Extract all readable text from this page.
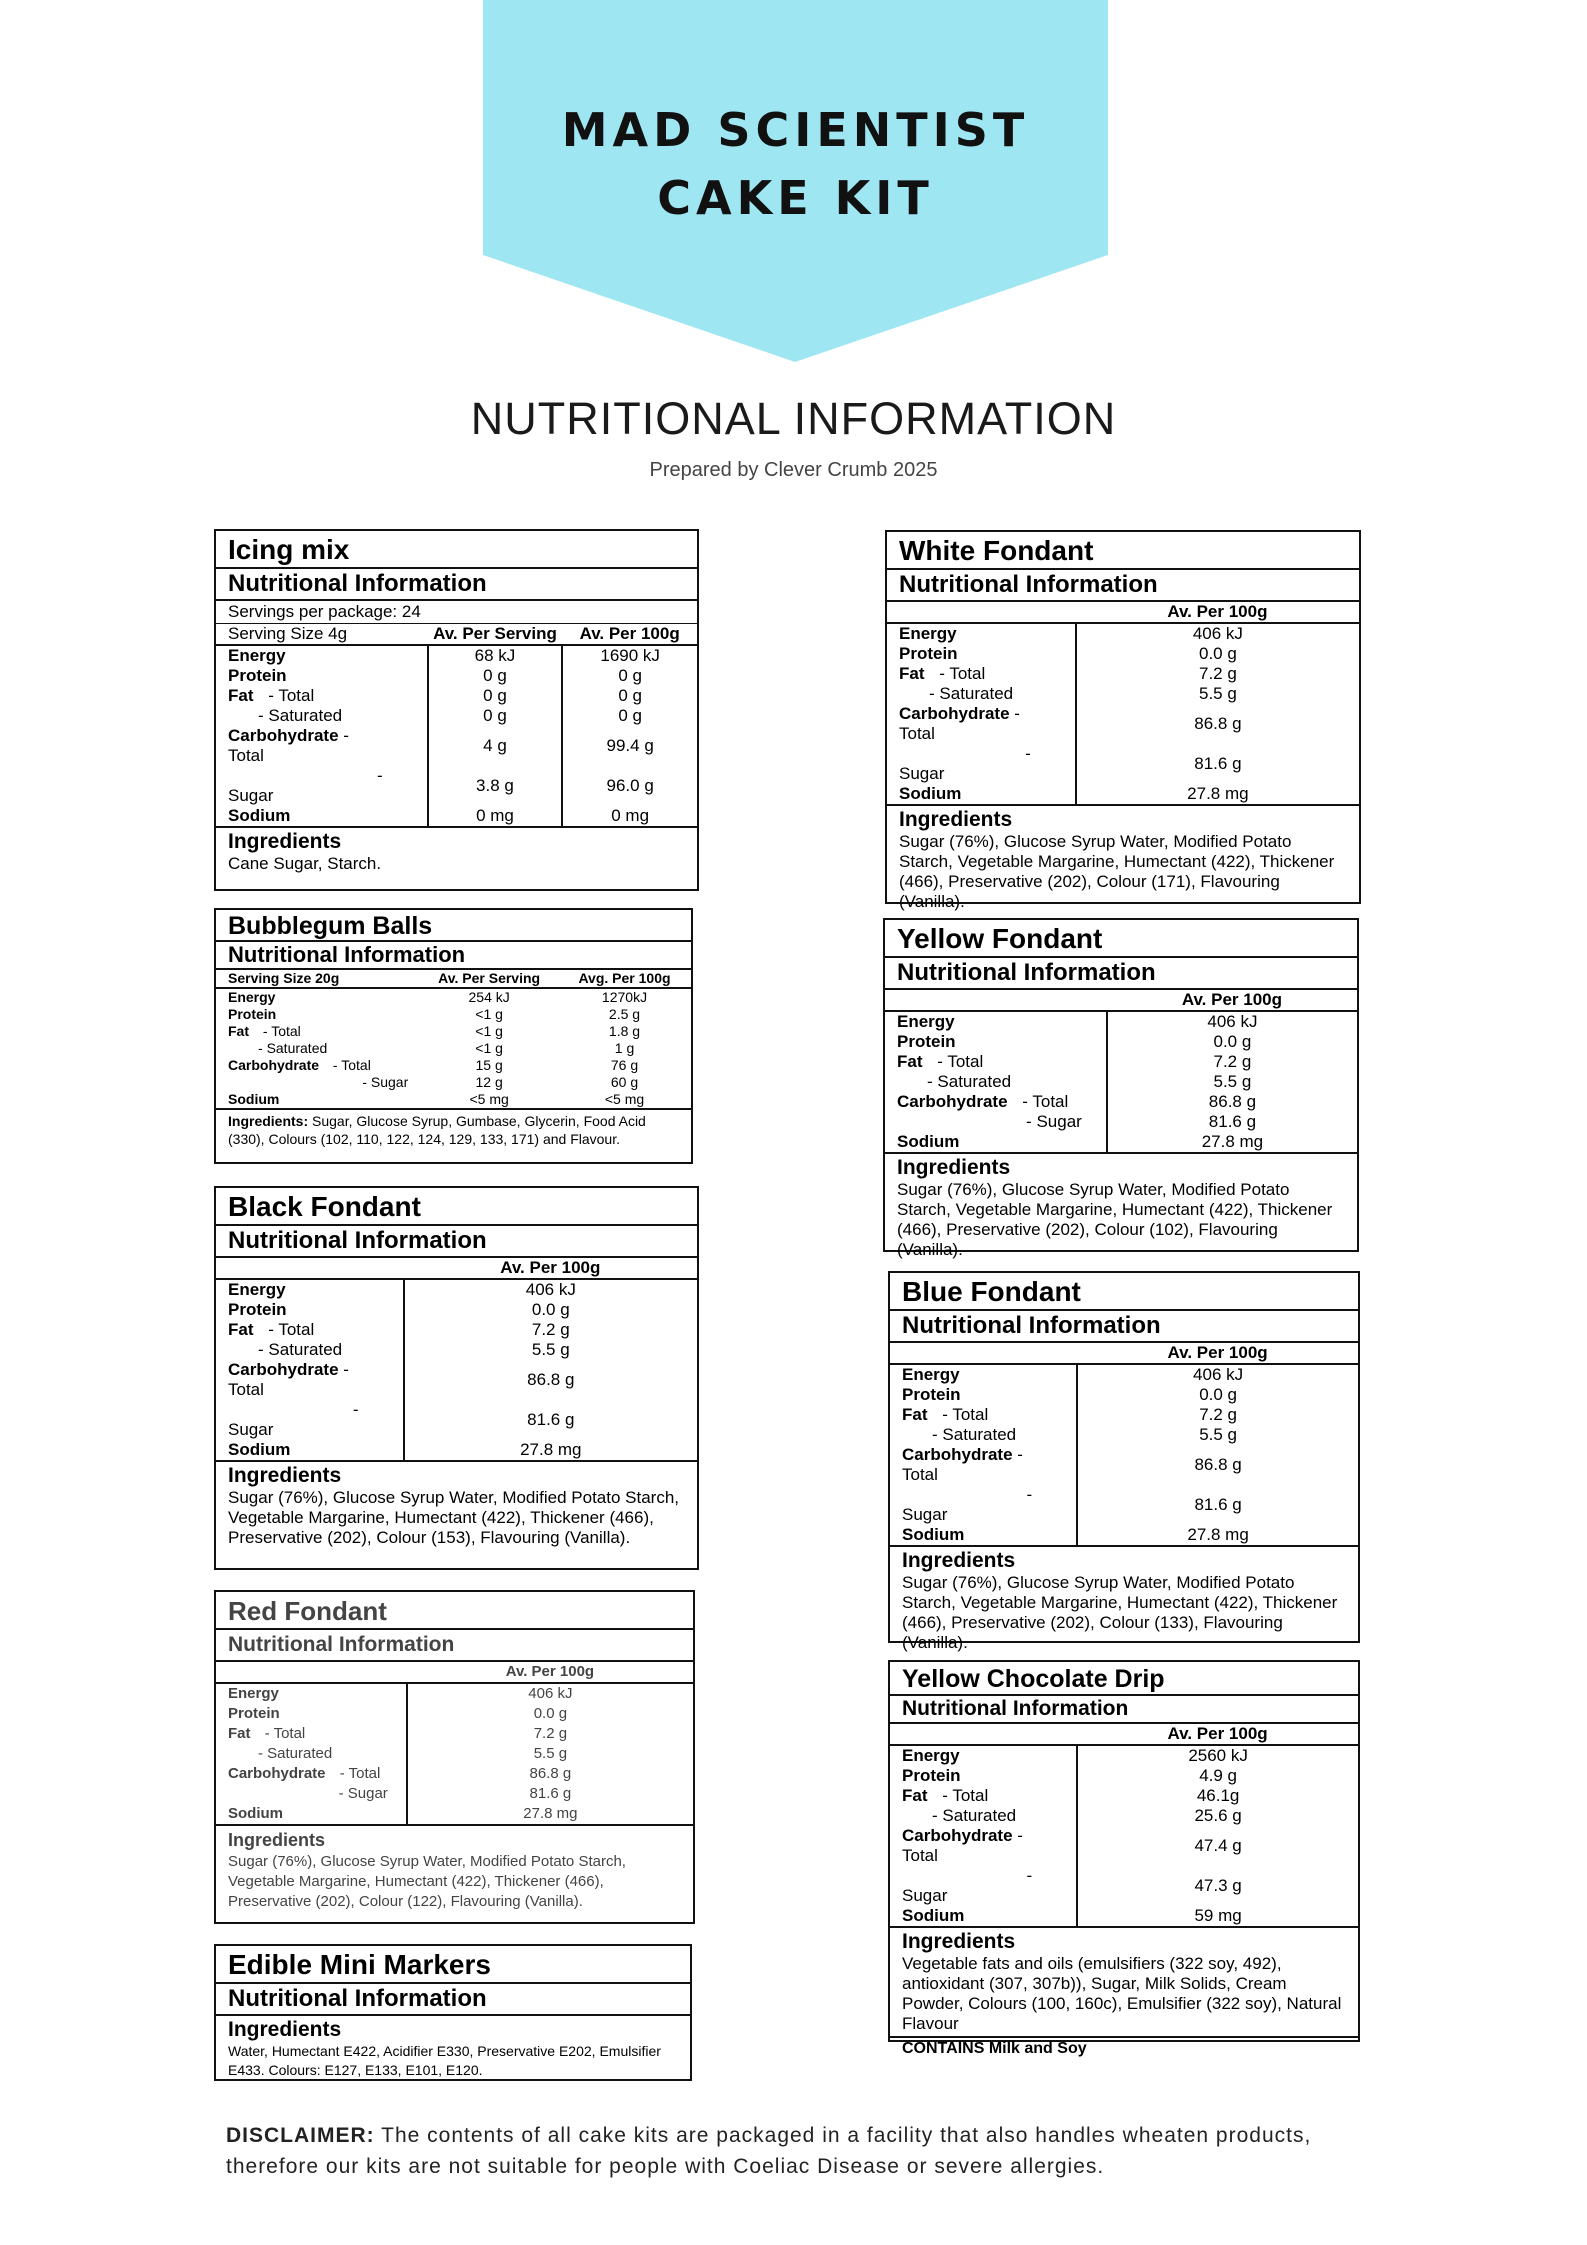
MAD SCIENTIST
CAKE KIT
NUTRITIONAL INFORMATION
Prepared by Clever Crumb 2025
Icing mix
Nutritional Information
Servings per package: 24
Serving Size 4g	Av. Per Serving	Av. Per 100g
Energy	68 kJ	1690 kJ
Protein	0 g	0 g
Fat - Total	0 g	0 g
- Saturated	0 g	0 g
Carbohydrate -
Total	4 g	99.4 g

-
Sugar	3.8 g	96.0 g
Sodium	0 mg	0 mg
Ingredients
Cane Sugar, Starch.
Bubblegum Balls
Nutritional Information
Serving Size 20g	Av. Per Serving	Avg. Per 100g
Energy	254 kJ	1270kJ
Protein	<1 g	2.5 g
Fat - Total	<1 g	1.8 g
- Saturated	<1 g	1 g
Carbohydrate - Total	15 g	76 g
- Sugar	12 g	60 g
Sodium	<5 mg	<5 mg
Ingredients: Sugar, Glucose Syrup, Gumbase, Glycerin, Food Acid (330), Colours (102, 110, 122, 124, 129, 133, 171) and Flavour.
Black Fondant
Nutritional Information
	Av. Per 100g
Energy	406 kJ
Protein	0.0 g
Fat - Total	7.2 g
- Saturated	5.5 g
Carbohydrate -
Total	86.8 g

-
Sugar	81.6 g
Sodium	27.8 mg
Ingredients
Sugar (76%), Glucose Syrup Water, Modified Potato Starch, Vegetable Margarine, Humectant (422), Thickener (466), Preservative (202), Colour (153), Flavouring (Vanilla).
Red Fondant
Nutritional Information
	Av. Per 100g
Energy	406 kJ
Protein	0.0 g
Fat - Total	7.2 g
- Saturated	5.5 g
Carbohydrate - Total	86.8 g
- Sugar	81.6 g
Sodium	27.8 mg
Ingredients
Sugar (76%), Glucose Syrup Water, Modified Potato Starch, Vegetable Margarine, Humectant (422), Thickener (466), Preservative (202), Colour (122), Flavouring (Vanilla).
Edible Mini Markers
Nutritional Information
Ingredients
Water, Humectant E422, Acidifier E330, Preservative E202, Emulsifier E433. Colours: E127, E133, E101, E120.
White Fondant
Nutritional Information
	Av. Per 100g
Energy	406 kJ
Protein	0.0 g
Fat - Total	7.2 g
- Saturated	5.5 g
Carbohydrate -
Total	86.8 g

-
Sugar	81.6 g
Sodium	27.8 mg
Ingredients
Sugar (76%), Glucose Syrup Water, Modified Potato Starch, Vegetable Margarine, Humectant (422), Thickener (466), Preservative (202), Colour (171), Flavouring (Vanilla).
Yellow Fondant
Nutritional Information
	Av. Per 100g
Energy	406 kJ
Protein	0.0 g
Fat - Total	7.2 g
- Saturated	5.5 g
Carbohydrate - Total	86.8 g
- Sugar	81.6 g
Sodium	27.8 mg
Ingredients
Sugar (76%), Glucose Syrup Water, Modified Potato Starch, Vegetable Margarine, Humectant (422), Thickener (466), Preservative (202), Colour (102), Flavouring (Vanilla).
Blue Fondant
Nutritional Information
	Av. Per 100g
Energy	406 kJ
Protein	0.0 g
Fat - Total	7.2 g
- Saturated	5.5 g
Carbohydrate -
Total	86.8 g

-
Sugar	81.6 g
Sodium	27.8 mg
Ingredients
Sugar (76%), Glucose Syrup Water, Modified Potato Starch, Vegetable Margarine, Humectant (422), Thickener (466), Preservative (202), Colour (133), Flavouring (Vanilla).
Yellow Chocolate Drip
Nutritional Information
	Av. Per 100g
Energy	2560 kJ
Protein	4.9 g
Fat - Total	46.1g
- Saturated	25.6 g
Carbohydrate -
Total	47.4 g

-
Sugar	47.3 g
Sodium	59 mg
Ingredients
Vegetable fats and oils (emulsifiers (322 soy, 492), antioxidant (307, 307b)), Sugar, Milk Solids, Cream Powder, Colours (100, 160c), Emulsifier (322 soy), Natural Flavour
CONTAINS Milk and Soy
DISCLAIMER: The contents of all cake kits are packaged in a facility that also handles wheaten products, therefore our kits are not suitable for people with Coeliac Disease or severe allergies.
